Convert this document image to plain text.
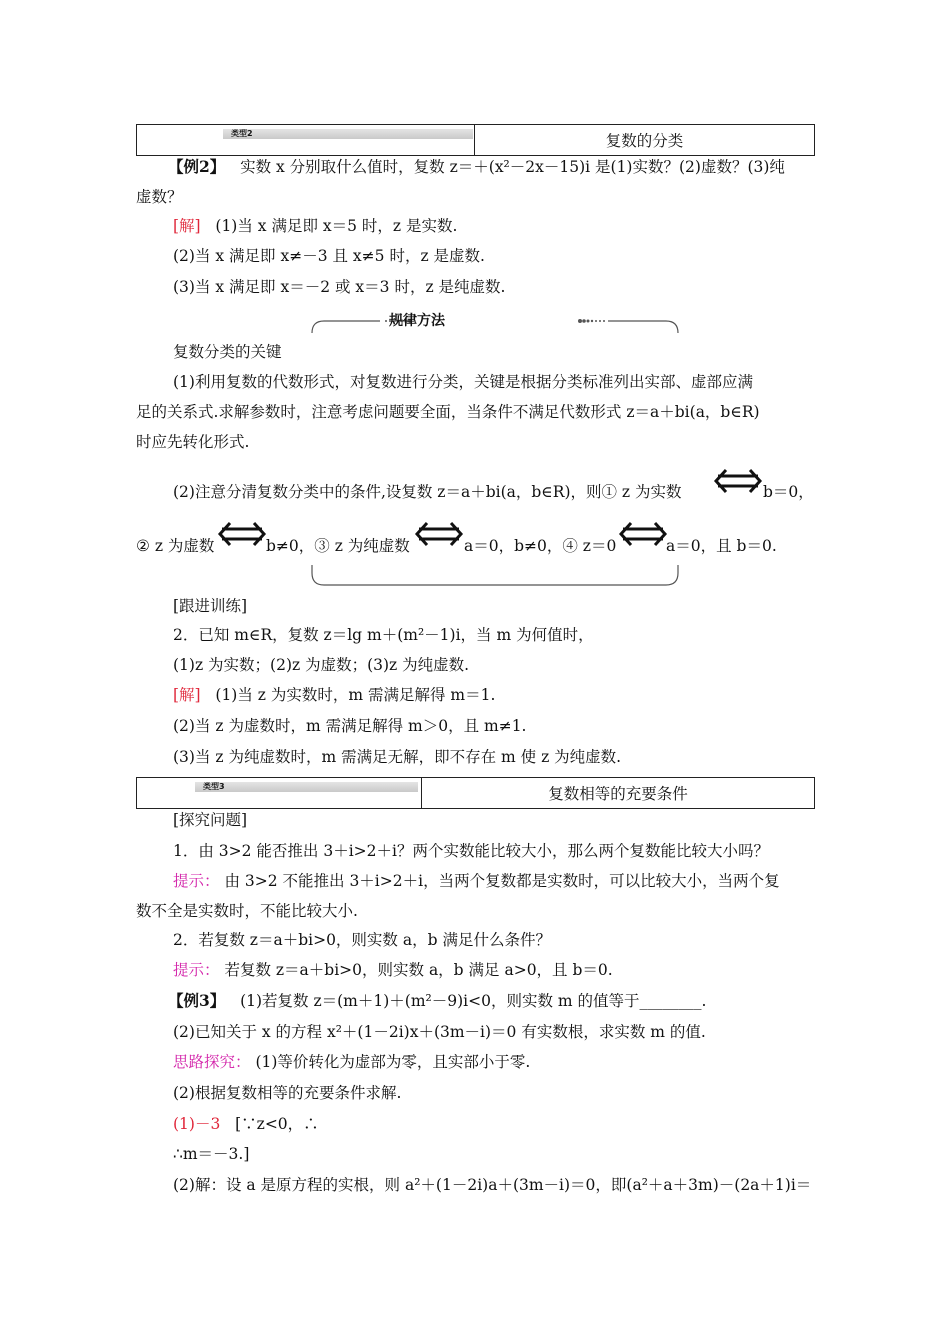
类型2	复数的分类
【例2】 实数 x 分别取什么值时，复数 z＝＋(x²－2x－15)i 是(1)实数？(2)虚数？(3)纯
虚数？
[解] (1)当 x 满足即 x＝5 时，z 是实数.
(2)当 x 满足即 x≠－3 且 x≠5 时，z 是虚数.
(3)当 x 满足即 x＝－2 或 x＝3 时，z 是纯虚数.
规律方法
复数分类的关键
(1)利用复数的代数形式，对复数进行分类，关键是根据分类标准列出实部、虚部应满
足的关系式.求解参数时，注意考虑问题要全面，当条件不满足代数形式 z＝a＋bi(a，b∈R)
时应先转化形式.
(2)注意分清复数分类中的条件,设复数 z＝a＋bi(a，b∈R)，则① z 为实数	b＝0，
② z 为虚数	b≠0，③ z 为纯虚数	a＝0，b≠0，④ z＝0	a＝0，且 b＝0.
[跟进训练]
2．已知 m∈R，复数 z＝lg m＋(m²－1)i，当 m 为何值时，
(1)z 为实数；(2)z 为虚数；(3)z 为纯虚数.
[解] (1)当 z 为实数时，m 需满足解得 m＝1.
(2)当 z 为虚数时，m 需满足解得 m＞0，且 m≠1.
(3)当 z 为纯虚数时，m 需满足无解，即不存在 m 使 z 为纯虚数.
类型3	复数相等的充要条件
[探究问题]
1．由 3>2 能否推出 3＋i>2＋i？两个实数能比较大小，那么两个复数能比较大小吗？
提示： 由 3>2 不能推出 3＋i>2＋i，当两个复数都是实数时，可以比较大小，当两个复
数不全是实数时，不能比较大小.
2．若复数 z＝a＋bi>0，则实数 a，b 满足什么条件？
提示： 若复数 z＝a＋bi>0，则实数 a，b 满足 a>0，且 b＝0.
【例3】 (1)若复数 z＝(m＋1)＋(m²－9)i<0，则实数 m 的值等于________.
(2)已知关于 x 的方程 x²＋(1－2i)x＋(3m－i)＝0 有实数根，求实数 m 的值.
思路探究： (1)等价转化为虚部为零，且实部小于零.
(2)根据复数相等的充要条件求解.
(1)－3 [∵z<0，∴
∴m＝－3.]
(2)解：设 a 是原方程的实根，则 a²＋(1－2i)a＋(3m－i)＝0，即(a²＋a＋3m)－(2a＋1)i＝
